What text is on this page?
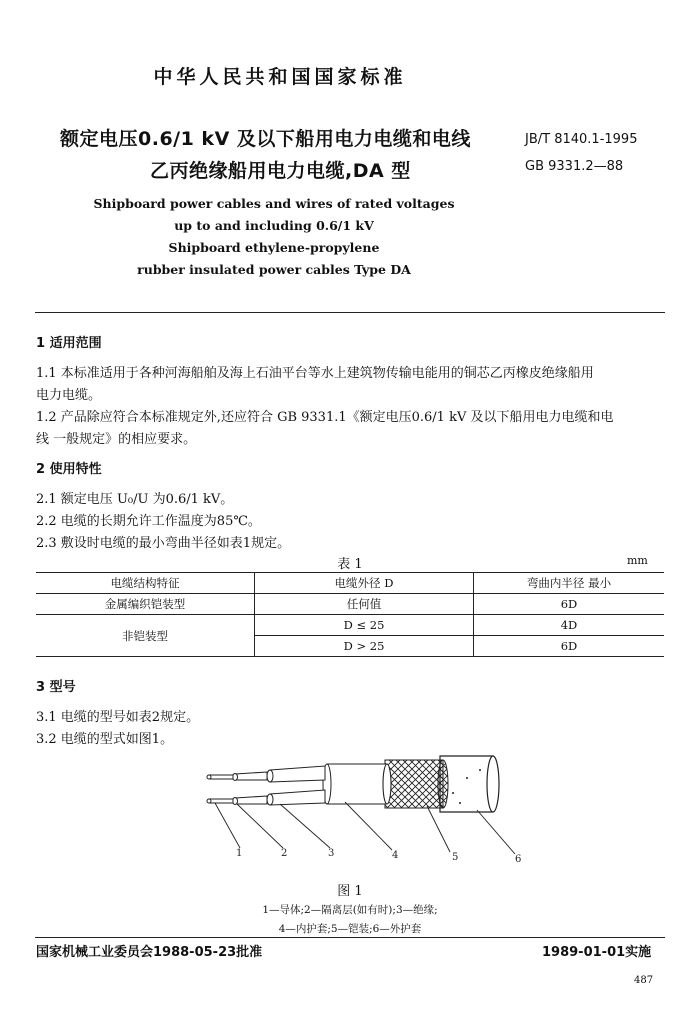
中华人民共和国国家标准
额定电压0.6/1 kV 及以下船用电力电缆和电线
乙丙绝缘船用电力电缆,DA 型
JB/T 8140.1-1995
GB 9331.2—88
Shipboard power cables and wires of rated voltages
up to and including 0.6/1 kV
Shipboard ethylene-propylene
rubber insulated power cables Type DA
1 适用范围
1.1 本标准适用于各种河海船舶及海上石油平台等水上建筑物传输电能用的铜芯乙丙橡皮绝缘船用
电力电缆。
1.2 产品除应符合本标准规定外,还应符合 GB 9331.1《额定电压0.6/1 kV 及以下船用电力电缆和电
线 一般规定》的相应要求。
2 使用特性
2.1 额定电压 U₀/U 为0.6/1 kV。
2.2 电缆的长期允许工作温度为85℃。
2.3 敷设时电缆的最小弯曲半径如表1规定。
表 1	mm
电缆结构特征	电缆外径 D	弯曲内半径 最小
金属编织铠装型	任何值	6D
非铠装型	D ≤ 25	4D
	D > 25	6D
3 型号
3.1 电缆的型号如表2规定。
3.2 电缆的型式如图1。
1	2	3	4	5	6
图 1
1—导体;2—隔离层(如有时);3—绝缘;
4—内护套;5—铠装;6—外护套
国家机械工业委员会1988-05-23批准	1989-01-01实施
487
